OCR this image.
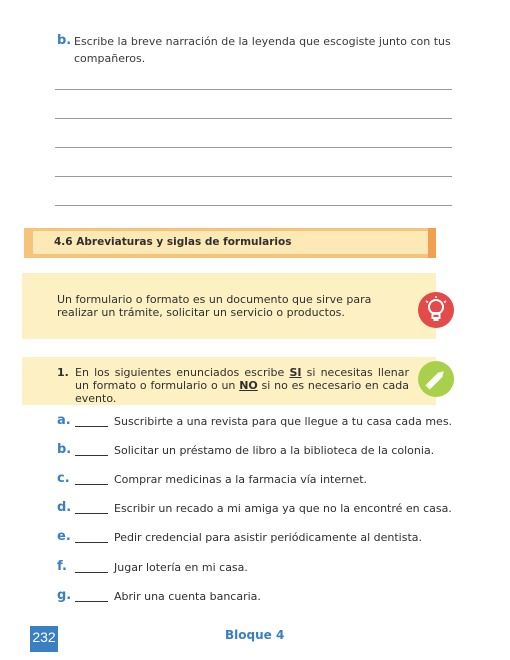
b. Escribe la breve narración de la leyenda que escogiste junto con tus compañeros.
4.6 Abreviaturas y siglas de formularios
Un formulario o formato es un documento que sirve para realizar un trámite, solicitar un servicio o productos.
1. En los siguientes enunciados escribe SI si necesitas llenar un formato o formulario o un NO si no es necesario en cada evento.
a.	Suscribirte a una revista para que llegue a tu casa cada mes.
b.	Solicitar un préstamo de libro a la biblioteca de la colonia.
c.	Comprar medicinas a la farmacia vía internet.
d.	Escribir un recado a mi amiga ya que no la encontré en casa.
e.	Pedir credencial para asistir periódicamente al dentista.
f.	Jugar lotería en mi casa.
g.	Abrir una cuenta bancaria.
232	Bloque 4
